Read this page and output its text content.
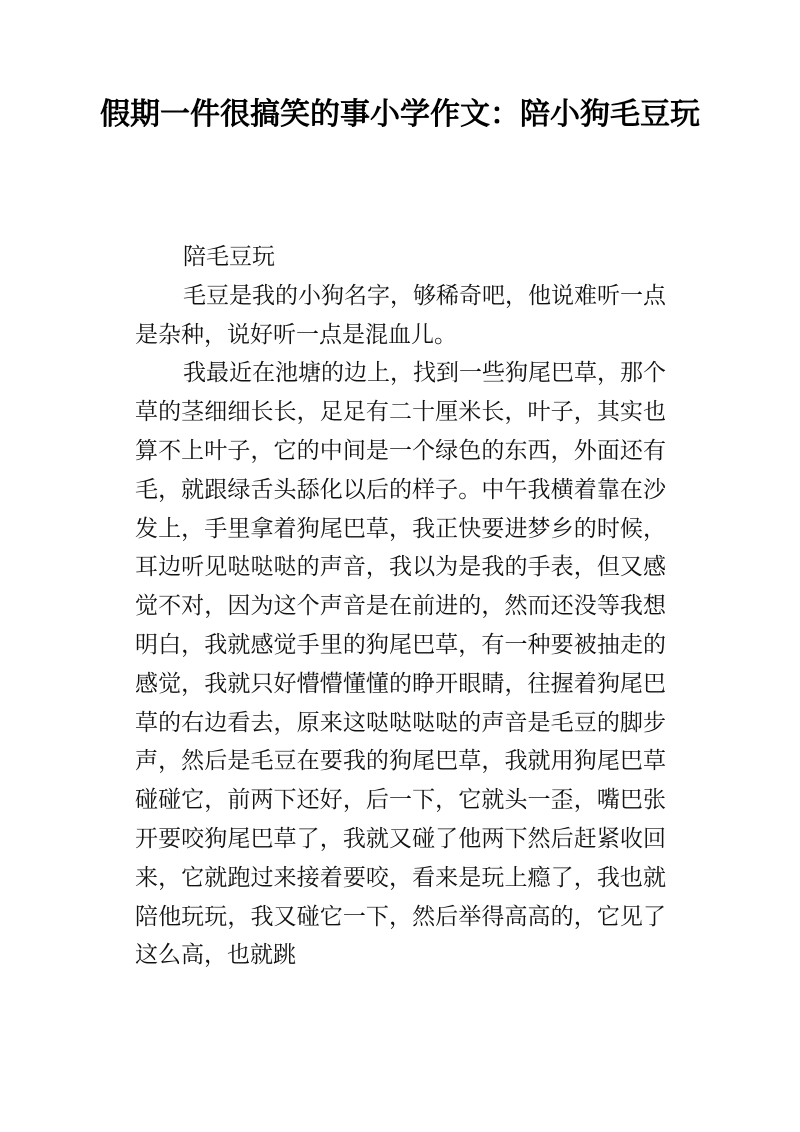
假期一件很搞笑的事小学作文：陪小狗毛豆玩

陪毛豆玩

毛豆是我的小狗名字，够稀奇吧，他说难听一点是杂种，说好听一点是混血儿。

我最近在池塘的边上，找到一些狗尾巴草，那个草的茎细细长长，足足有二十厘米长，叶子，其实也算不上叶子，它的中间是一个绿色的东西，外面还有毛，就跟绿舌头舔化以后的样子。中午我横着靠在沙发上，手里拿着狗尾巴草，我正快要进梦乡的时候，耳边听见哒哒哒的声音，我以为是我的手表，但又感觉不对，因为这个声音是在前进的，然而还没等我想明白，我就感觉手里的狗尾巴草，有一种要被抽走的感觉，我就只好懵懵懂懂的睁开眼睛，往握着狗尾巴草的右边看去，原来这哒哒哒哒的声音是毛豆的脚步声，然后是毛豆在要我的狗尾巴草，我就用狗尾巴草碰碰它，前两下还好，后一下，它就头一歪，嘴巴张开要咬狗尾巴草了，我就又碰了他两下然后赶紧收回来，它就跑过来接着要咬，看来是玩上瘾了，我也就陪他玩玩，我又碰它一下，然后举得高高的，它见了这么高，也就跳
